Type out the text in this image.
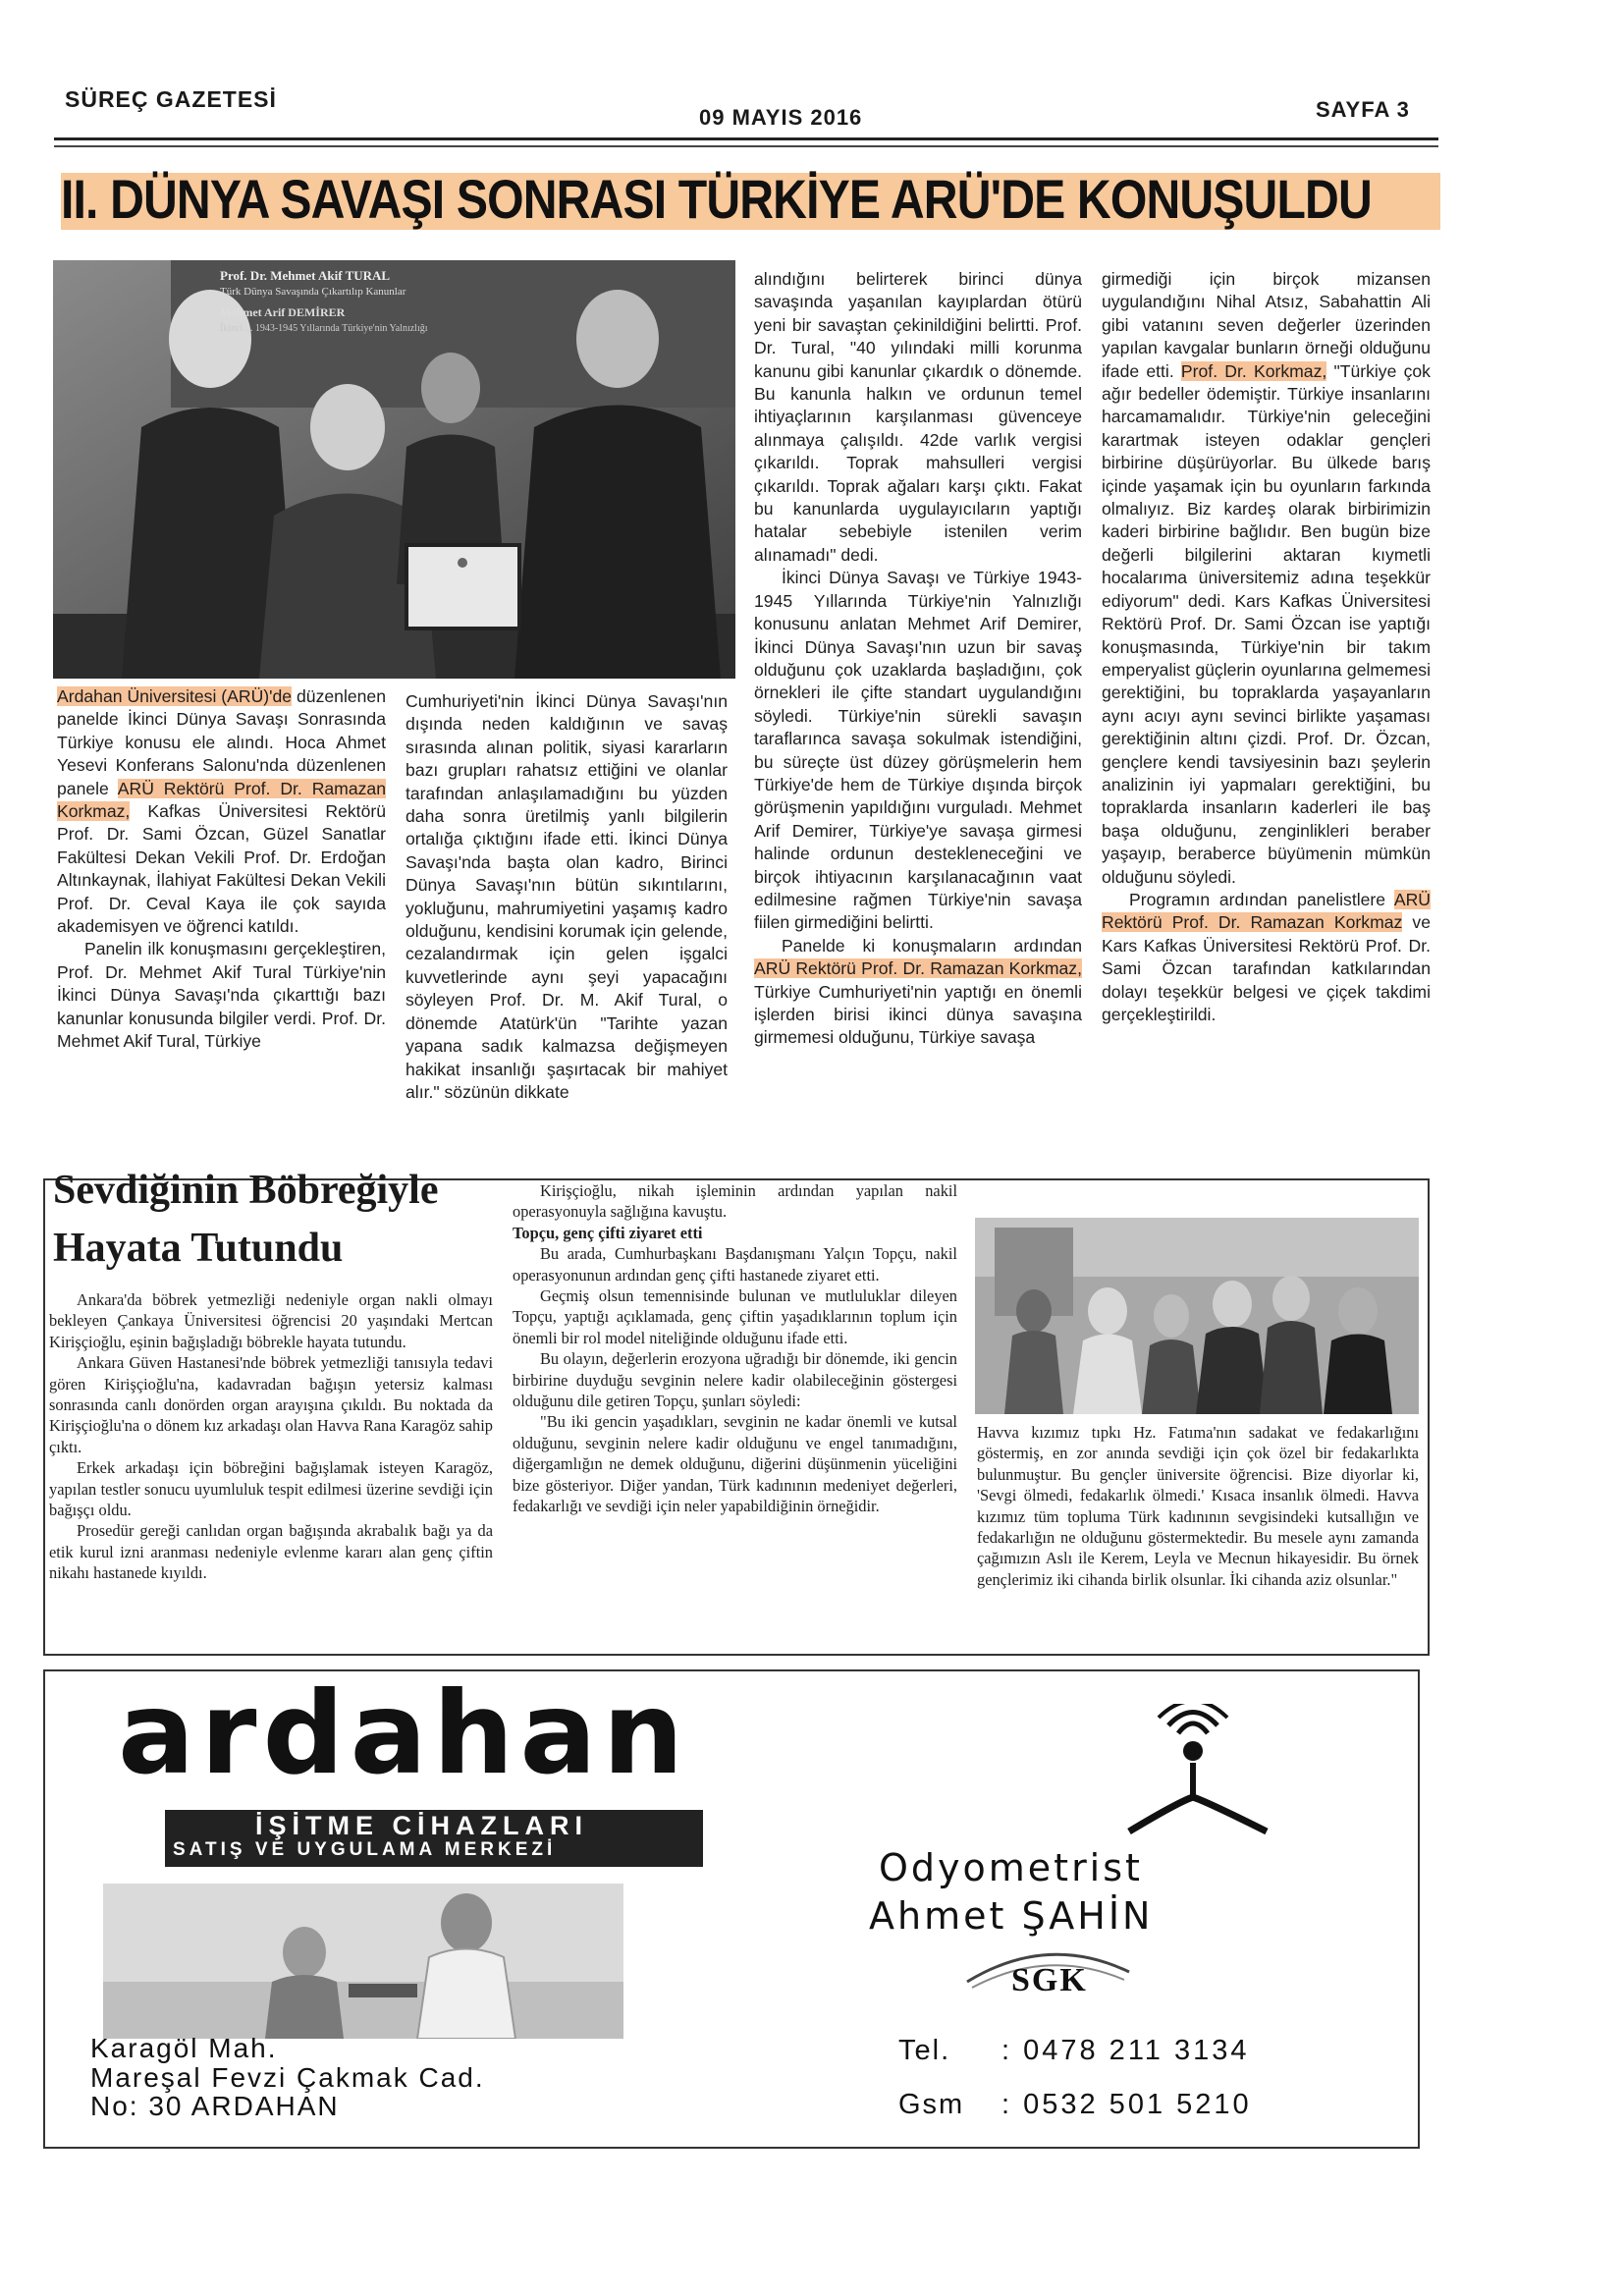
SÜREÇ GAZETESİ
09 MAYIS 2016	SAYFA 3
II. DÜNYA SAVAŞI SONRASI TÜRKİYE ARÜ'DE KONUŞULDU
Prof. Dr. Mehmet Akif TURAL
Türk Dünya Savaşında Çıkartılıp Kanunlar
Mehmet Arif DEMİRER
İkinci ... 1943-1945 Yıllarında Türkiye'nin Yalnızlığı

Ardahan Üniversitesi (ARÜ)'de düzenlenen panelde İkinci Dünya Savaşı Sonrasında Türkiye konusu ele alındı. Hoca Ahmet Yesevi Konferans Salonu'nda düzenlenen panele ARÜ Rektörü Prof. Dr. Ramazan Korkmaz, Kafkas Üniversitesi Rektörü Prof. Dr. Sami Özcan, Güzel Sanatlar Fakültesi Dekan Vekili Prof. Dr. Erdoğan Altınkaynak, İlahiyat Fakültesi Dekan Vekili Prof. Dr. Ceval Kaya ile çok sayıda akademisyen ve öğrenci katıldı.

Panelin ilk konuşmasını gerçekleştiren, Prof. Dr. Mehmet Akif Tural Türkiye'nin İkinci Dünya Savaşı'nda çıkarttığı bazı kanunlar konusunda bilgiler verdi. Prof. Dr. Mehmet Akif Tural, Türkiye

Cumhuriyeti'nin İkinci Dünya Savaşı'nın dışında neden kaldığının ve savaş sırasında alınan politik, siyasi kararların bazı grupları rahatsız ettiğini ve olanlar tarafından anlaşılamadığını bu yüzden daha sonra üretilmiş yanlı bilgilerin ortalığa çıktığını ifade etti. İkinci Dünya Savaşı'nda başta olan kadro, Birinci Dünya Savaşı'nın bütün sıkıntılarını, yokluğunu, mahrumiyetini yaşamış kadro olduğunu, kendisini korumak için gelende, cezalandırmak için gelen işgalci kuvvetlerinde aynı şeyi yapacağını söyleyen Prof. Dr. M. Akif Tural, o dönemde Atatürk'ün "Tarihte yazan yapana sadık kalmazsa değişmeyen hakikat insanlığı şaşırtacak bir mahiyet alır." sözünün dikkate

alındığını belirterek birinci dünya savaşında yaşanılan kayıplardan ötürü yeni bir savaştan çekinildiğini belirtti. Prof. Dr. Tural, "40 yılındaki milli korunma kanunu gibi kanunlar çıkardık o dönemde. Bu kanunla halkın ve ordunun temel ihtiyaçlarının karşılanması güvenceye alınmaya çalışıldı. 42de varlık vergisi çıkarıldı. Toprak mahsulleri vergisi çıkarıldı. Toprak ağaları karşı çıktı. Fakat bu kanunlarda uygulayıcıların yaptığı hatalar sebebiyle istenilen verim alınamadı" dedi.

İkinci Dünya Savaşı ve Türkiye 1943-1945 Yıllarında Türkiye'nin Yalnızlığı konusunu anlatan Mehmet Arif Demirer, İkinci Dünya Savaşı'nın uzun bir savaş olduğunu çok uzaklarda başladığını, çok örnekleri ile çifte standart uygulandığını söyledi. Türkiye'nin sürekli savaşın taraflarınca savaşa sokulmak istendiğini, bu süreçte üst düzey görüşmelerin hem Türkiye'de hem de Türkiye dışında birçok görüşmenin yapıldığını vurguladı. Mehmet Arif Demirer, Türkiye'ye savaşa girmesi halinde ordunun destekleneceğini ve birçok ihtiyacının karşılanacağının vaat edilmesine rağmen Türkiye'nin savaşa fiilen girmediğini belirtti.

Panelde ki konuşmaların ardından ARÜ Rektörü Prof. Dr. Ramazan Korkmaz, Türkiye Cumhuriyeti'nin yaptığı en önemli işlerden birisi ikinci dünya savaşına girmemesi olduğunu, Türkiye savaşa

girmediği için birçok mizansen uygulandığını Nihal Atsız, Sabahattin Ali gibi vatanını seven değerler üzerinden yapılan kavgalar bunların örneği olduğunu ifade etti. Prof. Dr. Korkmaz, "Türkiye çok ağır bedeller ödemiştir. Türkiye insanlarını harcamamalıdır. Türkiye'nin geleceğini karartmak isteyen odaklar gençleri birbirine düşürüyorlar. Bu ülkede barış içinde yaşamak için bu oyunların farkında olmalıyız. Biz kardeş olarak birbirimizin kaderi birbirine bağlıdır. Ben bugün bize değerli bilgilerini aktaran kıymetli hocalarıma üniversitemiz adına teşekkür ediyorum" dedi. Kars Kafkas Üniversitesi Rektörü Prof. Dr. Sami Özcan ise yaptığı konuşmasında, Türkiye'nin bir takım emperyalist güçlerin oyunlarına gelmemesi gerektiğini, bu topraklarda yaşayanların aynı acıyı aynı sevinci birlikte yaşaması gerektiğinin altını çizdi. Prof. Dr. Özcan, gençlere kendi tavsiyesinin bazı şeylerin analizinin iyi yapmaları gerektiğini, bu topraklarda insanların kaderleri ile baş başa olduğunu, zenginlikleri beraber yaşayıp, beraberce büyümenin mümkün olduğunu söyledi.

Programın ardından panelistlere ARÜ Rektörü Prof. Dr. Ramazan Korkmaz ve Kars Kafkas Üniversitesi Rektörü Prof. Dr. Sami Özcan tarafından katkılarından dolayı teşekkür belgesi ve çiçek takdimi gerçekleştirildi.

Sevdiğinin Böbreğiyle
Hayata Tutundu

Ankara'da böbrek yetmezliği nedeniyle organ nakli olmayı bekleyen Çankaya Üniversitesi öğrencisi 20 yaşındaki Mertcan Kirişçioğlu, eşinin bağışladığı böbrekle hayata tutundu.

Ankara Güven Hastanesi'nde böbrek yetmezliği tanısıyla tedavi gören Kirişçioğlu'na, kadavradan bağışın yetersiz kalması sonrasında canlı donörden organ arayışına çıkıldı. Bu noktada da Kirişçioğlu'na o dönem kız arkadaşı olan Havva Rana Karagöz sahip çıktı.

Erkek arkadaşı için böbreğini bağışlamak isteyen Karagöz, yapılan testler sonucu uyumluluk tespit edilmesi üzerine sevdiği için bağışçı oldu.

Prosedür gereği canlıdan organ bağışında akrabalık bağı ya da etik kurul izni aranması nedeniyle evlenme kararı alan genç çiftin nikahı hastanede kıyıldı.

Kirişçioğlu, nikah işleminin ardından yapılan nakil operasyonuyla sağlığına kavuştu.

Topçu, genç çifti ziyaret etti

Bu arada, Cumhurbaşkanı Başdanışmanı Yalçın Topçu, nakil operasyonunun ardından genç çifti hastanede ziyaret etti.

Geçmiş olsun temennisinde bulunan ve mutluluklar dileyen Topçu, yaptığı açıklamada, genç çiftin yaşadıklarının toplum için önemli bir rol model niteliğinde olduğunu ifade etti.

Bu olayın, değerlerin erozyona uğradığı bir dönemde, iki gencin birbirine duyduğu sevginin nelere kadir olabileceğinin göstergesi olduğunu dile getiren Topçu, şunları söyledi:

"Bu iki gencin yaşadıkları, sevginin ne kadar önemli ve kutsal olduğunu, sevginin nelere kadir olduğunu ve engel tanımadığını, diğergamlığın ne demek olduğunu, diğerini düşünmenin yüceliğini bize gösteriyor. Diğer yandan, Türk kadınının medeniyet değerleri, fedakarlığı ve sevdiği için neler yapabildiğinin örneğidir.

Havva kızımız tıpkı Hz. Fatıma'nın sadakat ve fedakarlığını göstermiş, en zor anında sevdiği için çok özel bir fedakarlıkta bulunmuştur. Bu gençler üniversite öğrencisi. Bize diyorlar ki, 'Sevgi ölmedi, fedakarlık ölmedi.' Kısaca insanlık ölmedi. Havva kızımız tüm topluma Türk kadınının sevgisindeki kutsallığın ve fedakarlığın ne olduğunu göstermektedir. Bu mesele aynı zamanda çağımızın Aslı ile Kerem, Leyla ve Mecnun hikayesidir. Bu örnek gençlerimiz iki cihanda birlik olsunlar. İki cihanda aziz olsunlar."

ardahan
İŞİTME CİHAZLARI
SATIŞ VE UYGULAMA MERKEZİ
Karagöl Mah.
Mareşal Fevzi Çakmak Cad.
No: 30 ARDAHAN
Odyometrist
Ahmet ŞAHİN
SGK
Tel. : 0478 211 3134
Gsm : 0532 501 5210
